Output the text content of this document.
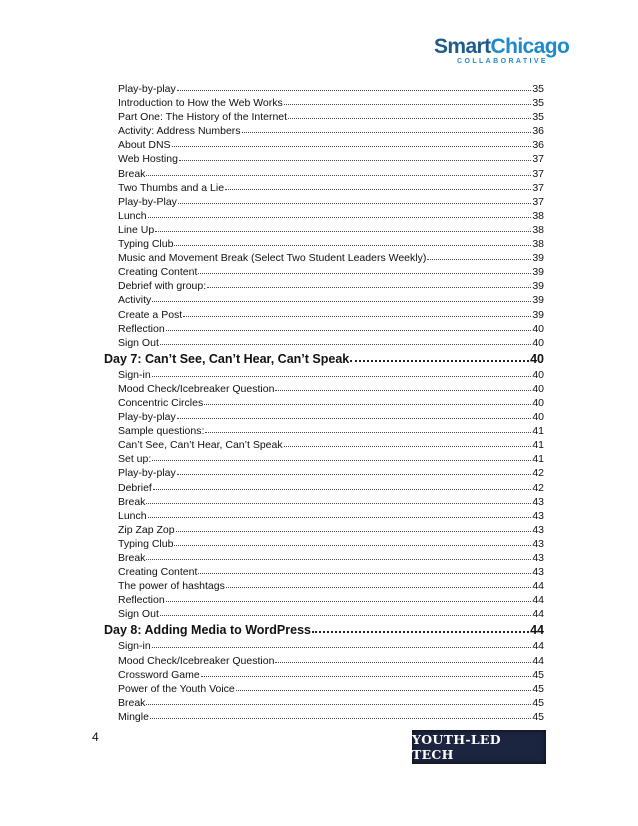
SmartChicago
COLLABORATIVE
Play-by-play	35
Introduction to How the Web Works	35
Part One: The History of the Internet	35
Activity: Address Numbers	36
About DNS	36
Web Hosting	37
Break	37
Two Thumbs and a Lie	37
Play-by-Play	37
Lunch	38
Line Up	38
Typing Club	38
Music and Movement Break (Select Two Student Leaders Weekly)	39
Creating Content	39
Debrief with group:	39
Activity	39
Create a Post	39
Reflection	40
Sign Out	40
Day 7: Can’t See, Can’t Hear, Can’t Speak	40
Sign-in	40
Mood Check/Icebreaker Question	40
Concentric Circles	40
Play-by-play	40
Sample questions:	41
Can’t See, Can’t Hear, Can’t Speak	41
Set up:	41
Play-by-play	42
Debrief	42
Break	43
Lunch	43
Zip Zap Zop	43
Typing Club	43
Break	43
Creating Content	43
The power of hashtags	44
Reflection	44
Sign Out	44
Day 8: Adding Media to WordPress	44
Sign-in	44
Mood Check/Icebreaker Question	44
Crossword Game	45
Power of the Youth Voice	45
Break	45
Mingle	45
4	YOUTH-LED TECH
